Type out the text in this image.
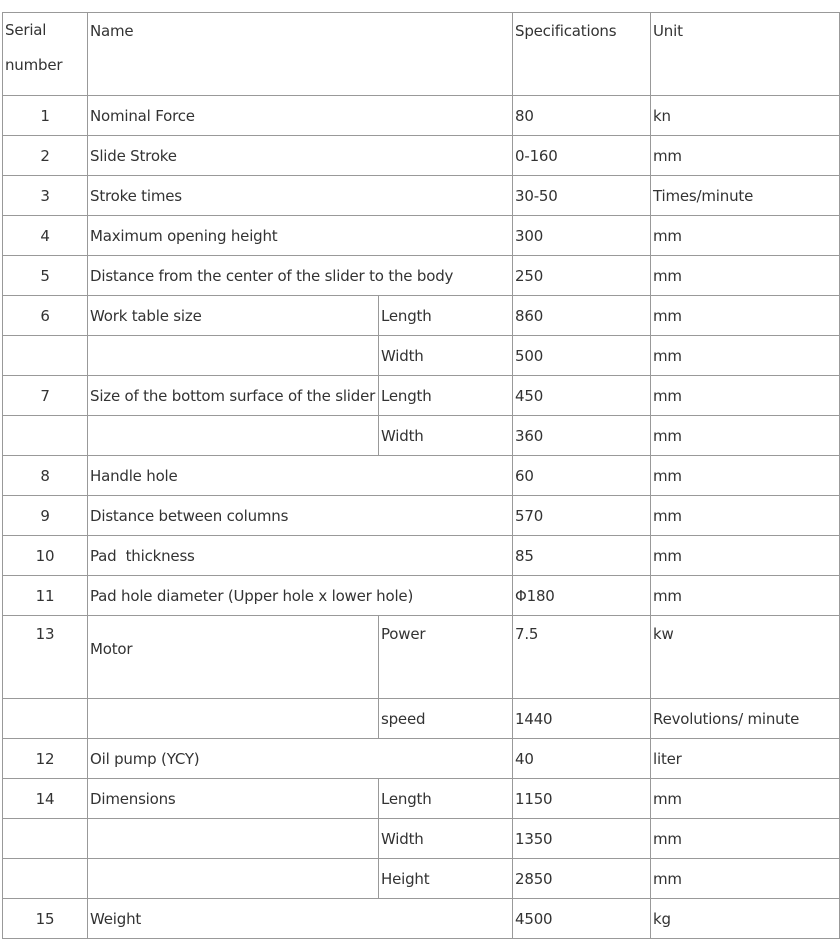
Serial
number	Name		Specifications	Unit
1	Nominal Force		80	kn
2	Slide Stroke		0-160	mm
3	Stroke times		30-50	Times/minute
4	Maximum opening height		300	mm
5	Distance from the center of the slider to the body		250	mm
6	Work table size	Length	860	mm
		Width	500	mm
7	Size of the bottom surface of the slider	Length	450	mm
		Width	360	mm
8	Handle hole		60	mm
9	Distance between columns		570	mm
10	Pad  thickness		85	mm
11	Pad hole diameter (Upper hole x lower hole)		Φ180	mm
13	Motor	Power	7.5	kw
		speed	1440	Revolutions/ minute
12	Oil pump (YCY)		40	liter
14	Dimensions	Length	1150	mm
		Width	1350	mm
		Height	2850	mm
15	Weight		4500	kg
